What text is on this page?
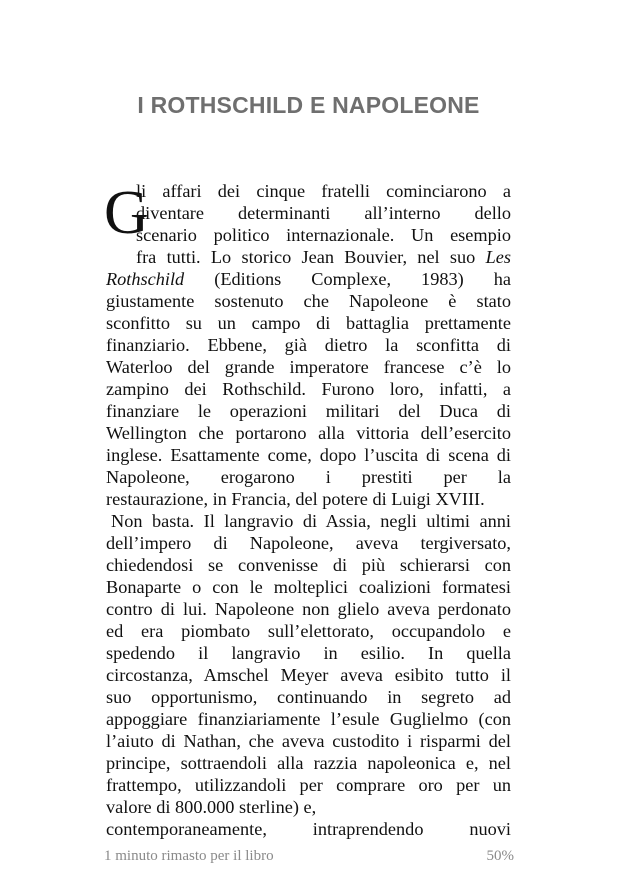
I ROTHSCHILD E NAPOLEONE
G
li affari dei cinque fratelli cominciarono a
diventare determinanti all’interno dello
scenario politico internazionale. Un esempio
fra tutti. Lo storico Jean Bouvier, nel suo Les
Rothschild (Editions Complexe, 1983) ha
giustamente sostenuto che Napoleone è stato
sconfitto su un campo di battaglia prettamente
finanziario. Ebbene, già dietro la sconfitta di
Waterloo del grande imperatore francese c’è lo
zampino dei Rothschild. Furono loro, infatti, a
finanziare le operazioni militari del Duca di
Wellington che portarono alla vittoria dell’esercito
inglese. Esattamente come, dopo l’uscita di scena di
Napoleone, erogarono i prestiti per la
restaurazione, in Francia, del potere di Luigi XVIII.
Non basta. Il langravio di Assia, negli ultimi anni
dell’impero di Napoleone, aveva tergiversato,
chiedendosi se convenisse di più schierarsi con
Bonaparte o con le molteplici coalizioni formatesi
contro di lui. Napoleone non glielo aveva perdonato
ed era piombato sull’elettorato, occupandolo e
spedendo il langravio in esilio. In quella
circostanza, Amschel Meyer aveva esibito tutto il
suo opportunismo, continuando in segreto ad
appoggiare finanziariamente l’esule Guglielmo (con
l’aiuto di Nathan, che aveva custodito i risparmi del
principe, sottraendoli alla razzia napoleonica e, nel
frattempo, utilizzandoli per comprare oro per un
valore di 800.000 sterline) e,
contemporaneamente, intraprendendo nuovi
1 minuto rimasto per il libro	50%
